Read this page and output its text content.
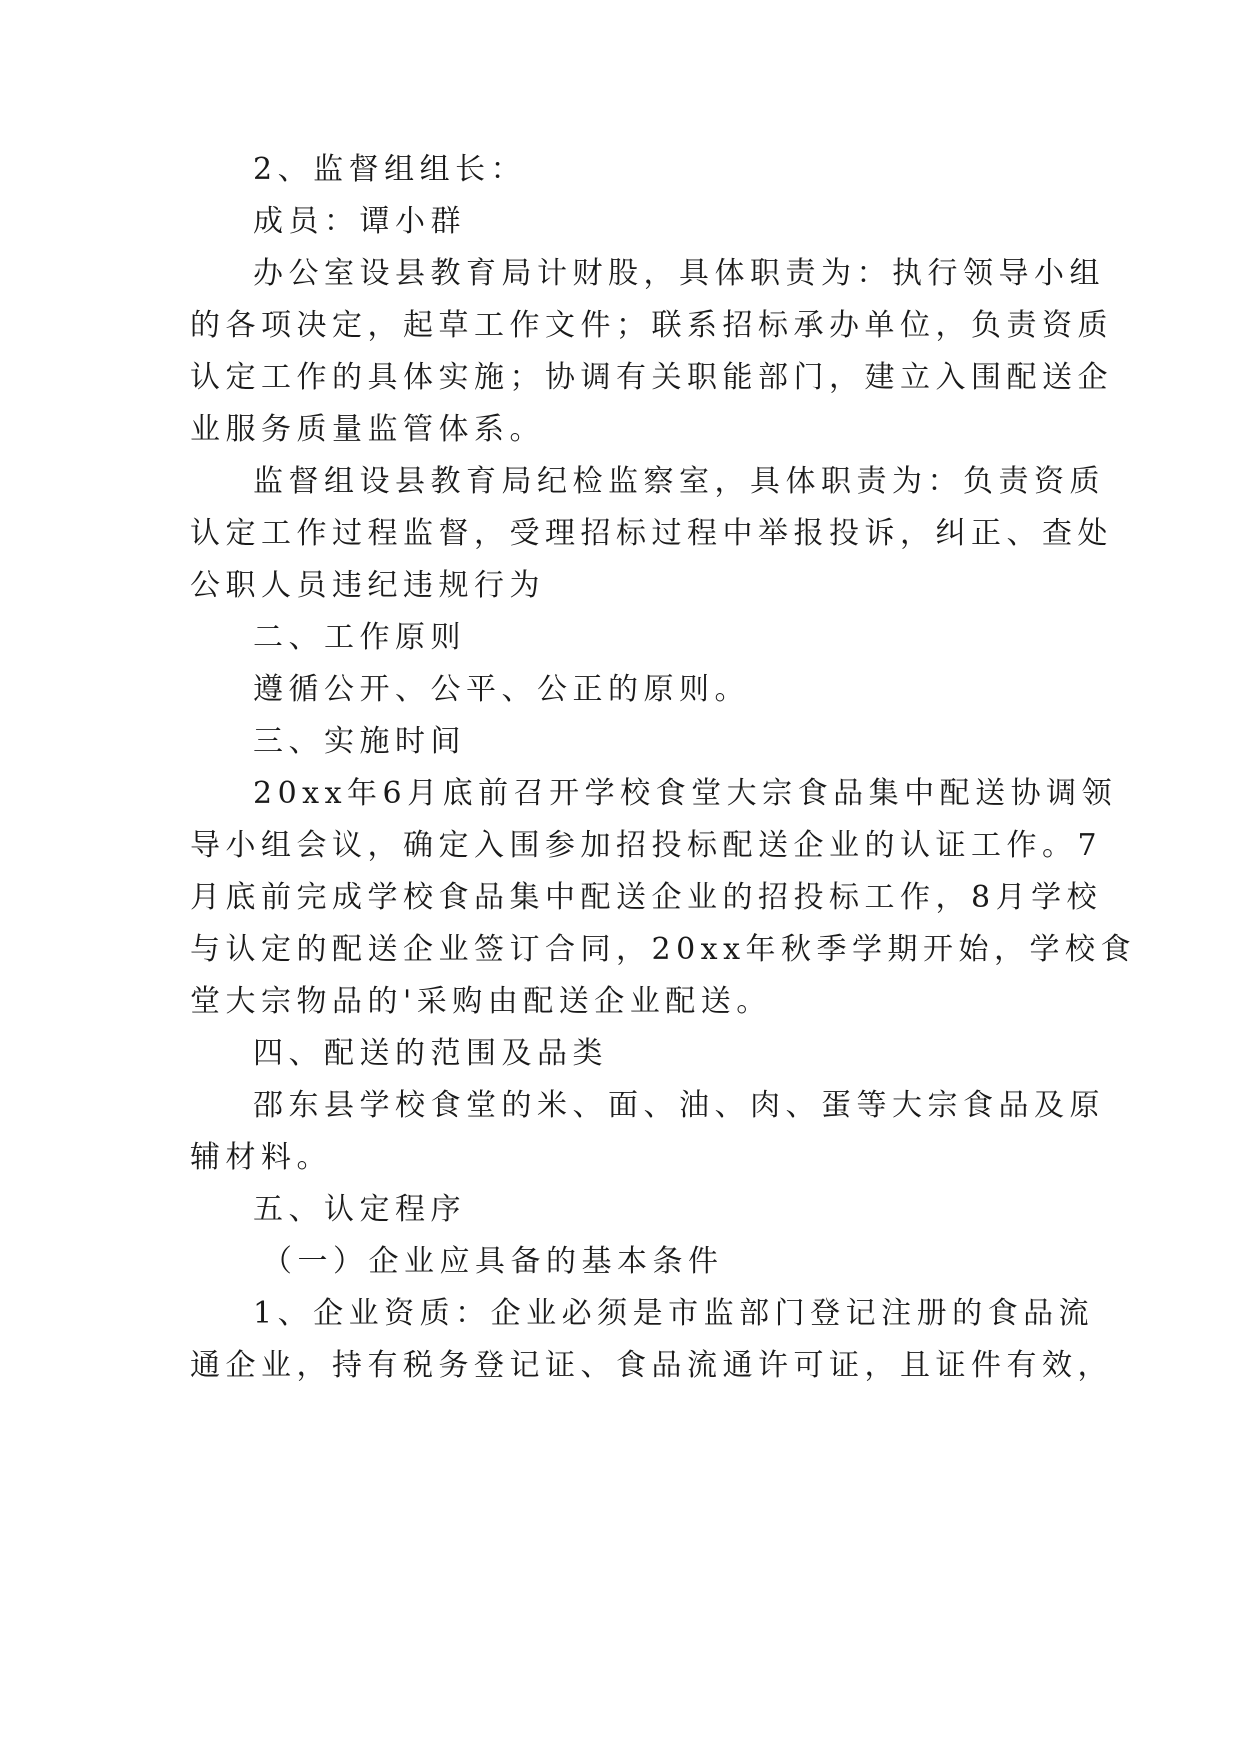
2、监督组组长：
成员：谭小群
办公室设县教育局计财股，具体职责为：执行领导小组
的各项决定，起草工作文件；联系招标承办单位，负责资质
认定工作的具体实施；协调有关职能部门，建立入围配送企
业服务质量监管体系。
监督组设县教育局纪检监察室，具体职责为：负责资质
认定工作过程监督，受理招标过程中举报投诉，纠正、查处
公职人员违纪违规行为
二、工作原则
遵循公开、公平、公正的原则。
三、实施时间
20xx年6月底前召开学校食堂大宗食品集中配送协调领
导小组会议，确定入围参加招投标配送企业的认证工作。7
月底前完成学校食品集中配送企业的招投标工作，8月学校
与认定的配送企业签订合同，20xx年秋季学期开始，学校食
堂大宗物品的'采购由配送企业配送。
四、配送的范围及品类
邵东县学校食堂的米、面、油、肉、蛋等大宗食品及原
辅材料。
五、认定程序
（一）企业应具备的基本条件
1、企业资质：企业必须是市监部门登记注册的食品流
通企业，持有税务登记证、食品流通许可证，且证件有效，
